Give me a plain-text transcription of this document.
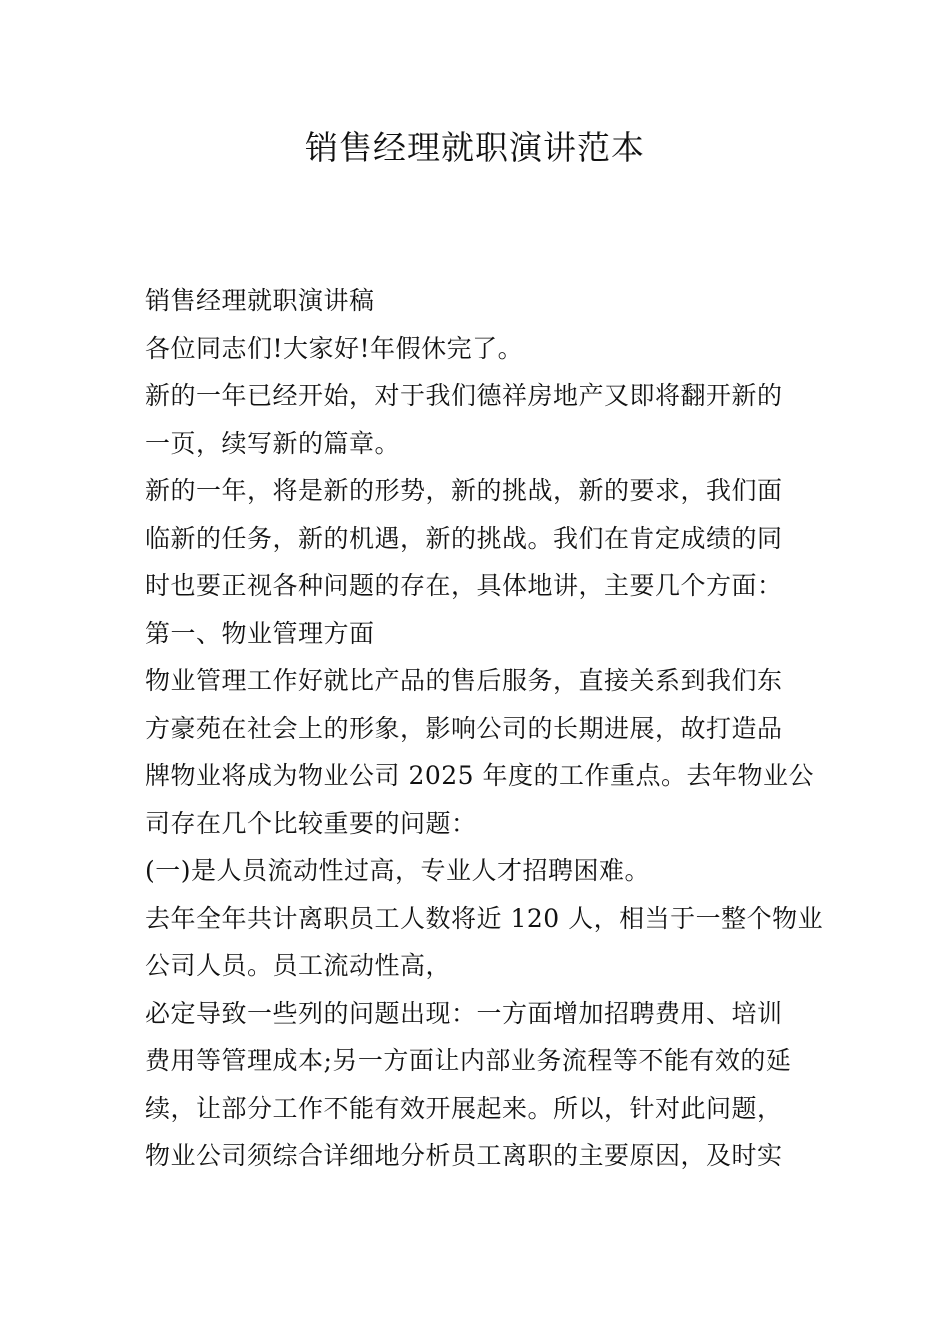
销售经理就职演讲范本

销售经理就职演讲稿

各位同志们!大家好!年假休完了。

新的一年已经开始，对于我们德祥房地产又即将翻开新的

一页，续写新的篇章。

新的一年，将是新的形势，新的挑战，新的要求，我们面

临新的任务，新的机遇，新的挑战。我们在肯定成绩的同

时也要正视各种问题的存在，具体地讲，主要几个方面：

第一、物业管理方面

物业管理工作好就比产品的售后服务，直接关系到我们东

方豪苑在社会上的形象，影响公司的长期进展，故打造品

牌物业将成为物业公司 2025 年度的工作重点。去年物业公

司存在几个比较重要的问题：

(一)是人员流动性过高，专业人才招聘困难。

去年全年共计离职员工人数将近 120 人，相当于一整个物业

公司人员。员工流动性高，

必定导致一些列的问题出现：一方面增加招聘费用、培训

费用等管理成本;另一方面让内部业务流程等不能有效的延

续，让部分工作不能有效开展起来。所以，针对此问题，

物业公司须综合详细地分析员工离职的主要原因，及时实
